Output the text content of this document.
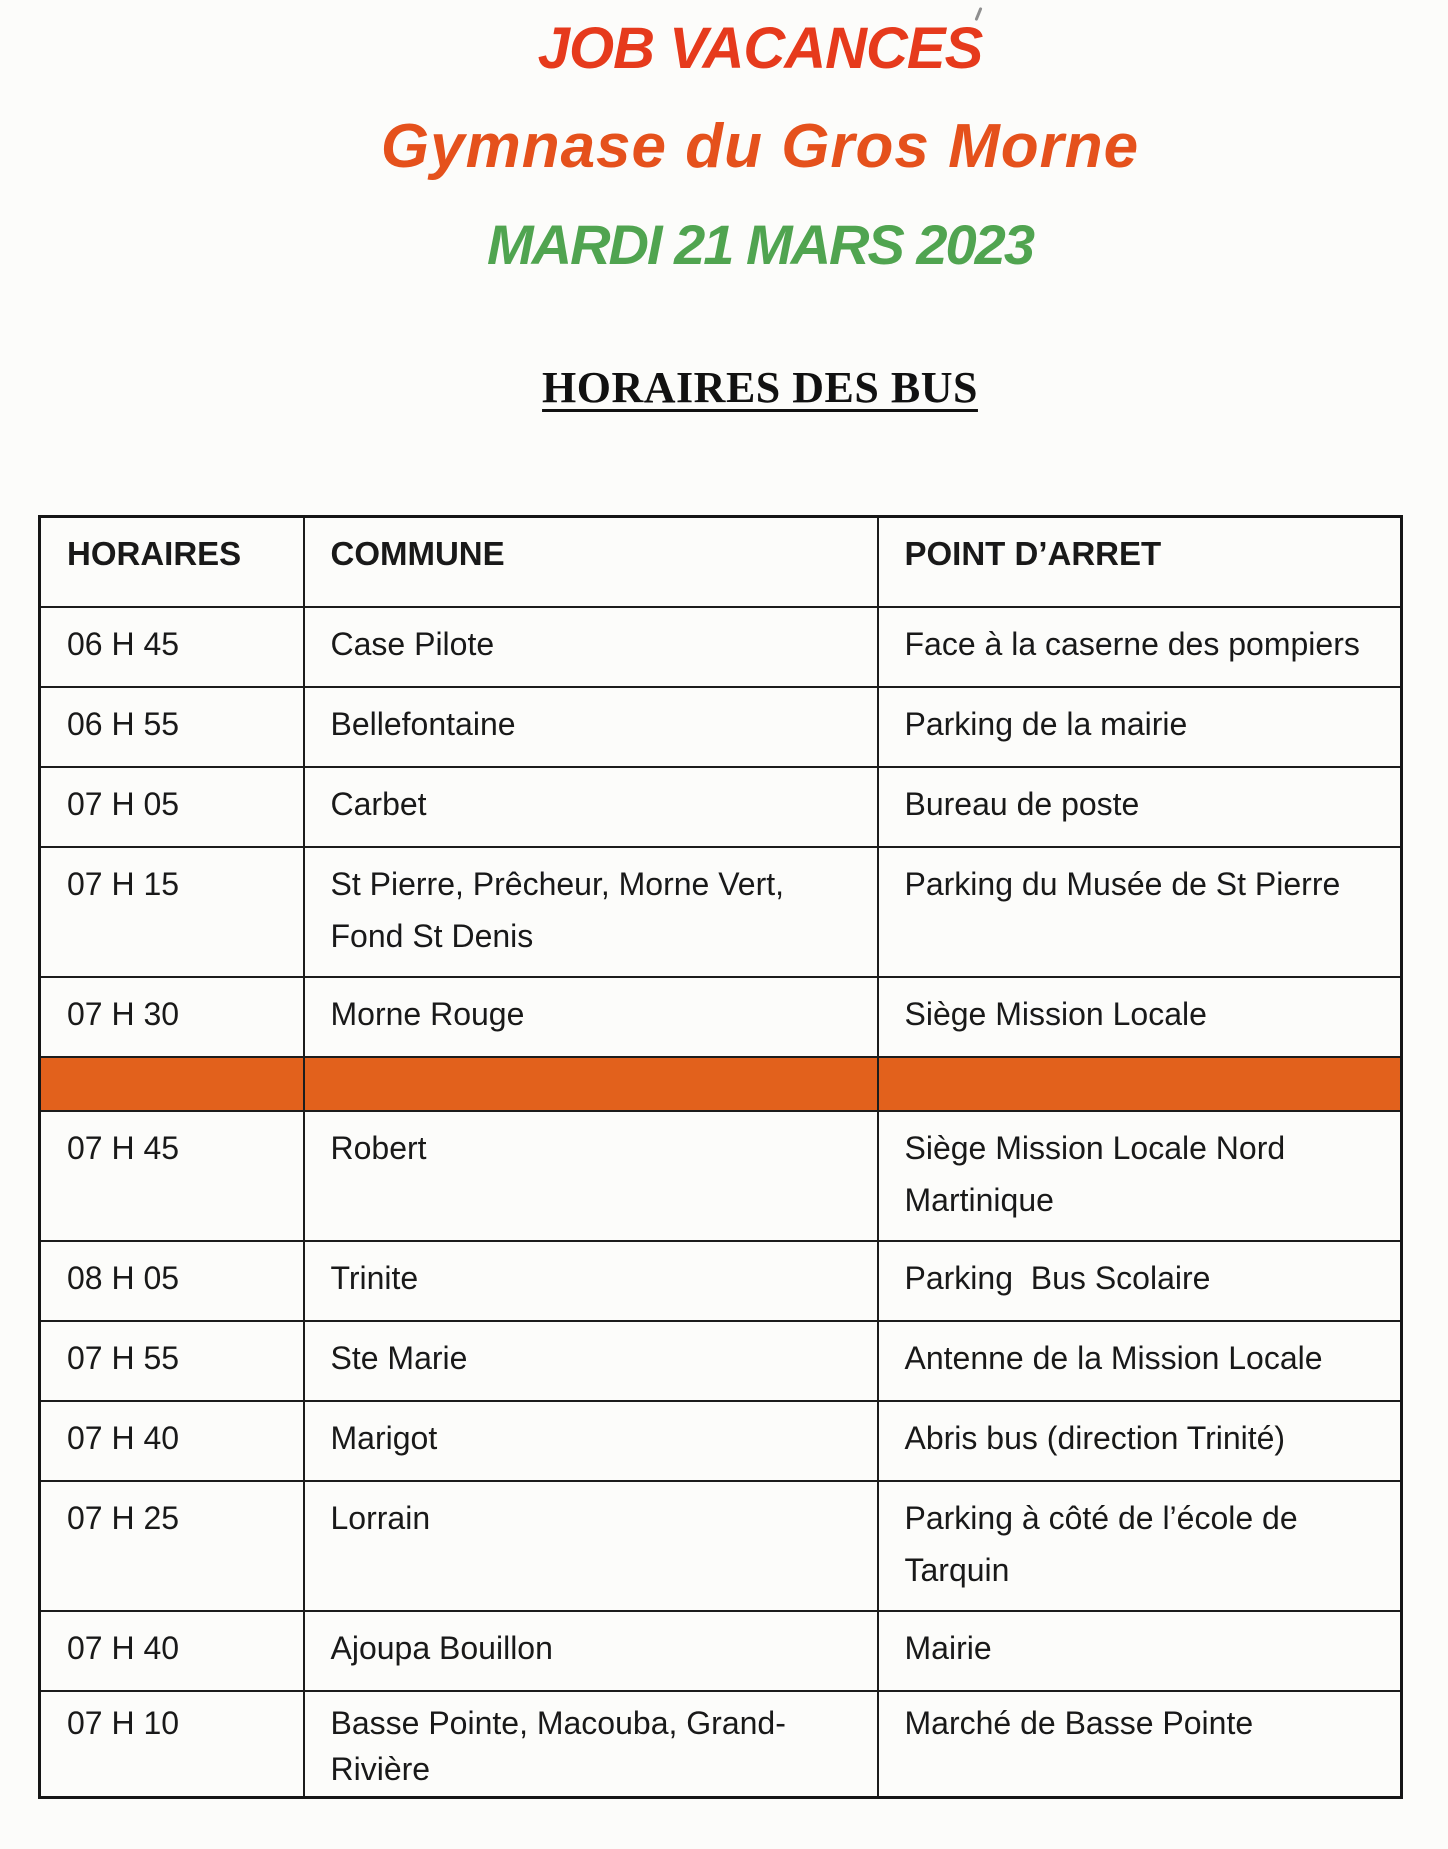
JOB VACANCES
Gymnase du Gros Morne
MARDI 21 MARS 2023
HORAIRES DES BUS
HORAIRES	COMMUNE	POINT D’ARRET
06 H 45	Case Pilote	Face à la caserne des pompiers
06 H 55	Bellefontaine	Parking de la mairie
07 H 05	Carbet	Bureau de poste
07 H 15	St Pierre, Prêcheur, Morne Vert, Fond St Denis	Parking du Musée de St Pierre
07 H 30	Morne Rouge	Siège Mission Locale

07 H 45	Robert	Siège Mission Locale Nord Martinique
08 H 05	Trinite	Parking  Bus Scolaire
07 H 55	Ste Marie	Antenne de la Mission Locale
07 H 40	Marigot	Abris bus (direction Trinité)
07 H 25	Lorrain	Parking à côté de l’école de Tarquin
07 H 40	Ajoupa Bouillon	Mairie
07 H 10	Basse Pointe, Macouba, Grand-Rivière	Marché de Basse Pointe
